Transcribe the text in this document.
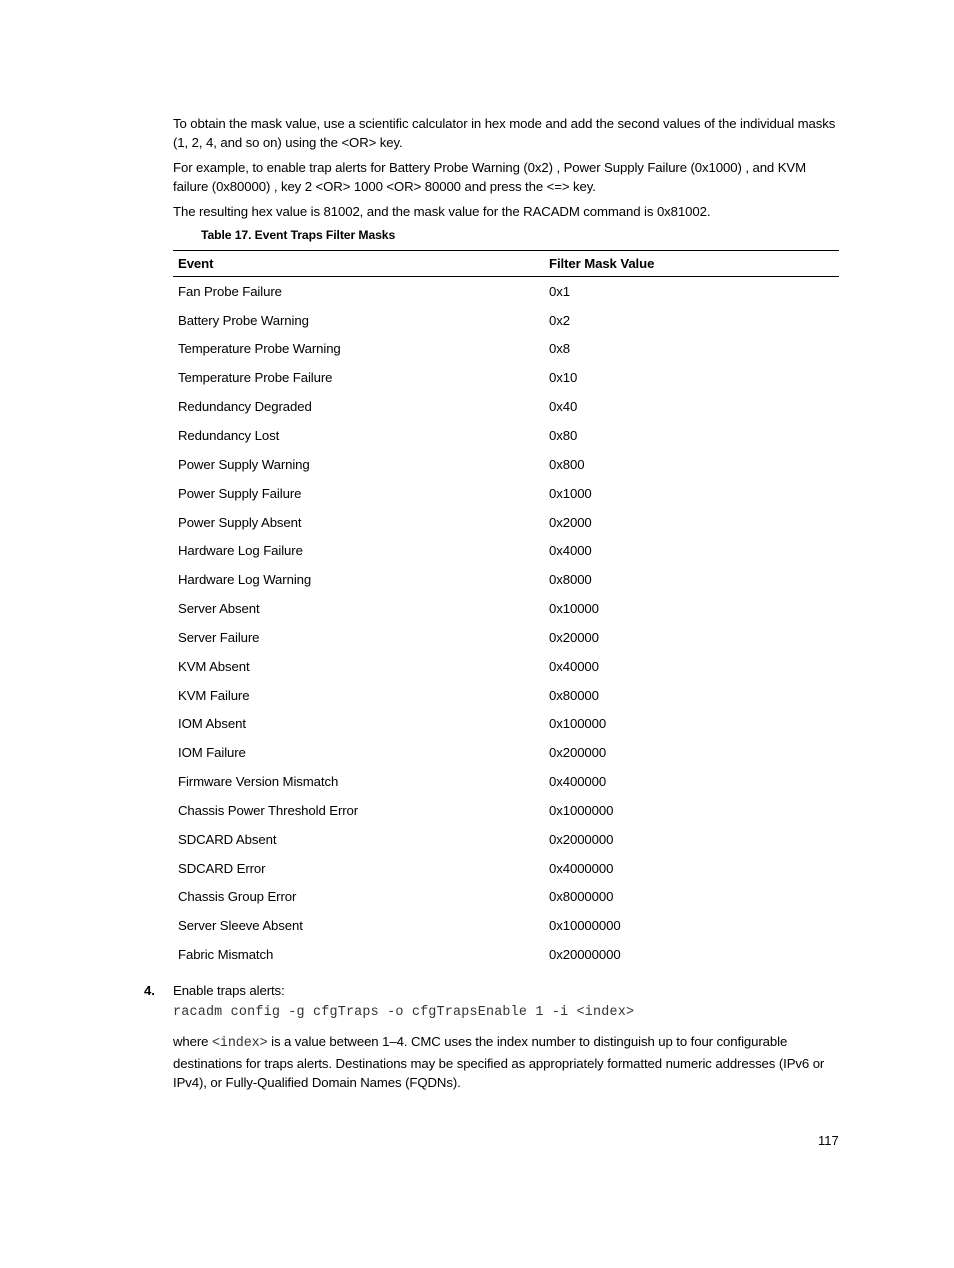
To obtain the mask value, use a scientific calculator in hex mode and add the second values of the individual masks (1, 2, 4, and so on) using the <OR> key.

For example, to enable trap alerts for Battery Probe Warning (0x2) , Power Supply Failure (0x1000) , and KVM failure (0x80000) , key 2 <OR> 1000 <OR> 80000 and press the <=> key.

The resulting hex value is 81002, and the mask value for the RACADM command is 0x81002.

Table 17. Event Traps Filter Masks
Event	Filter Mask Value
Fan Probe Failure	0x1
Battery Probe Warning	0x2
Temperature Probe Warning	0x8
Temperature Probe Failure	0x10
Redundancy Degraded	0x40
Redundancy Lost	0x80
Power Supply Warning	0x800
Power Supply Failure	0x1000
Power Supply Absent	0x2000
Hardware Log Failure	0x4000
Hardware Log Warning	0x8000
Server Absent	0x10000
Server Failure	0x20000
KVM Absent	0x40000
KVM Failure	0x80000
IOM Absent	0x100000
IOM Failure	0x200000
Firmware Version Mismatch	0x400000
Chassis Power Threshold Error	0x1000000
SDCARD Absent	0x2000000
SDCARD Error	0x4000000
Chassis Group Error	0x8000000
Server Sleeve Absent	0x10000000
Fabric Mismatch	0x20000000
4. Enable traps alerts:
racadm config -g cfgTraps -o cfgTrapsEnable 1 -i <index>

where <index> is a value between 1–4. CMC uses the index number to distinguish up to four configurable destinations for traps alerts. Destinations may be specified as appropriately formatted numeric addresses (IPv6 or IPv4), or Fully-Qualified Domain Names (FQDNs).

117
